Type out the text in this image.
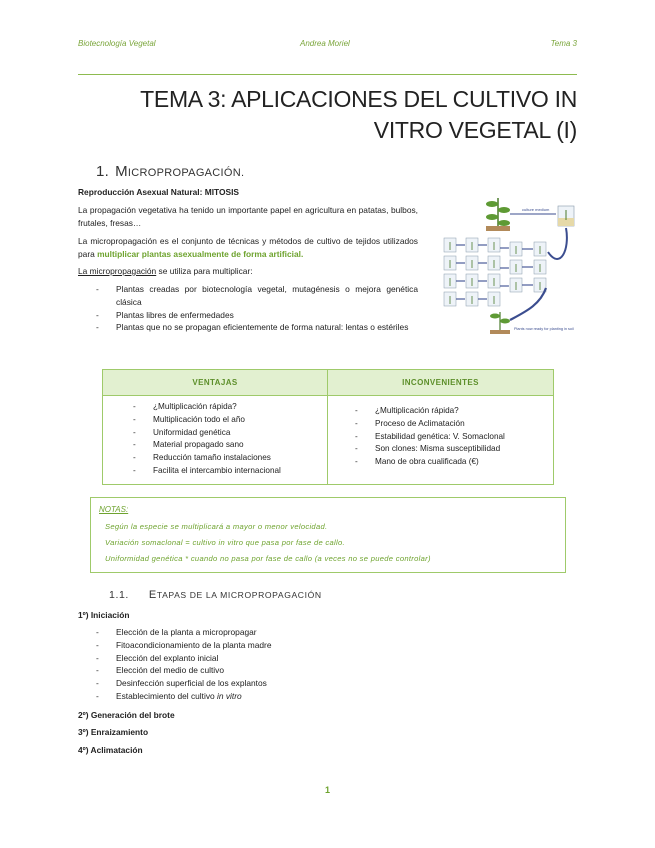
Biotecnología Vegetal	Andrea Moriel	Tema 3
TEMA 3: APLICACIONES DEL CULTIVO IN
VITRO VEGETAL (I)
1. MICROPROPAGACIÓN.
Reproducción Asexual Natural: MITOSIS
La propagación vegetativa ha tenido un importante papel en agricultura en patatas, bulbos, frutales, fresas…
La micropropagación es el conjunto de técnicas y métodos de cultivo de tejidos utilizados para multiplicar plantas asexualmente de forma artificial.
La micropropagación se utiliza para multiplicar:
- Plantas creadas por biotecnología vegetal, mutagénesis o mejora genética clásica
- Plantas libres de enfermedades
- Plantas que no se propagan eficientemente de forma natural: lentas o estériles
culture medium
Plants now ready for planting in soil
VENTAJAS
- ¿Multiplicación rápida?
- Multiplicación todo el año
- Uniformidad genética
- Material propagado sano
- Reducción tamaño instalaciones
- Facilita el intercambio internacional
INCONVENIENTES
- ¿Multiplicación rápida?
- Proceso de Aclimatación
- Estabilidad genética: V. Somaclonal
- Son clones: Misma susceptibilidad
- Mano de obra cualificada (€)
NOTAS:
Según la especie se multiplicará a mayor o menor velocidad.
Variación somaclonal = cultivo in vitro que pasa por fase de callo.
Uniformidad genética * cuando no pasa por fase de callo (a veces no se puede controlar)
1.1. ETAPAS DE LA MICROPROPAGACIÓN
1º) Iniciación
- Elección de la planta a micropropagar
- Fitoacondicionamiento de la planta madre
- Elección del explanto inicial
- Elección del medio de cultivo
- Desinfección superficial de los explantos
- Establecimiento del cultivo in vitro
2º) Generación del brote
3º) Enraizamiento
4º) Aclimatación
1
